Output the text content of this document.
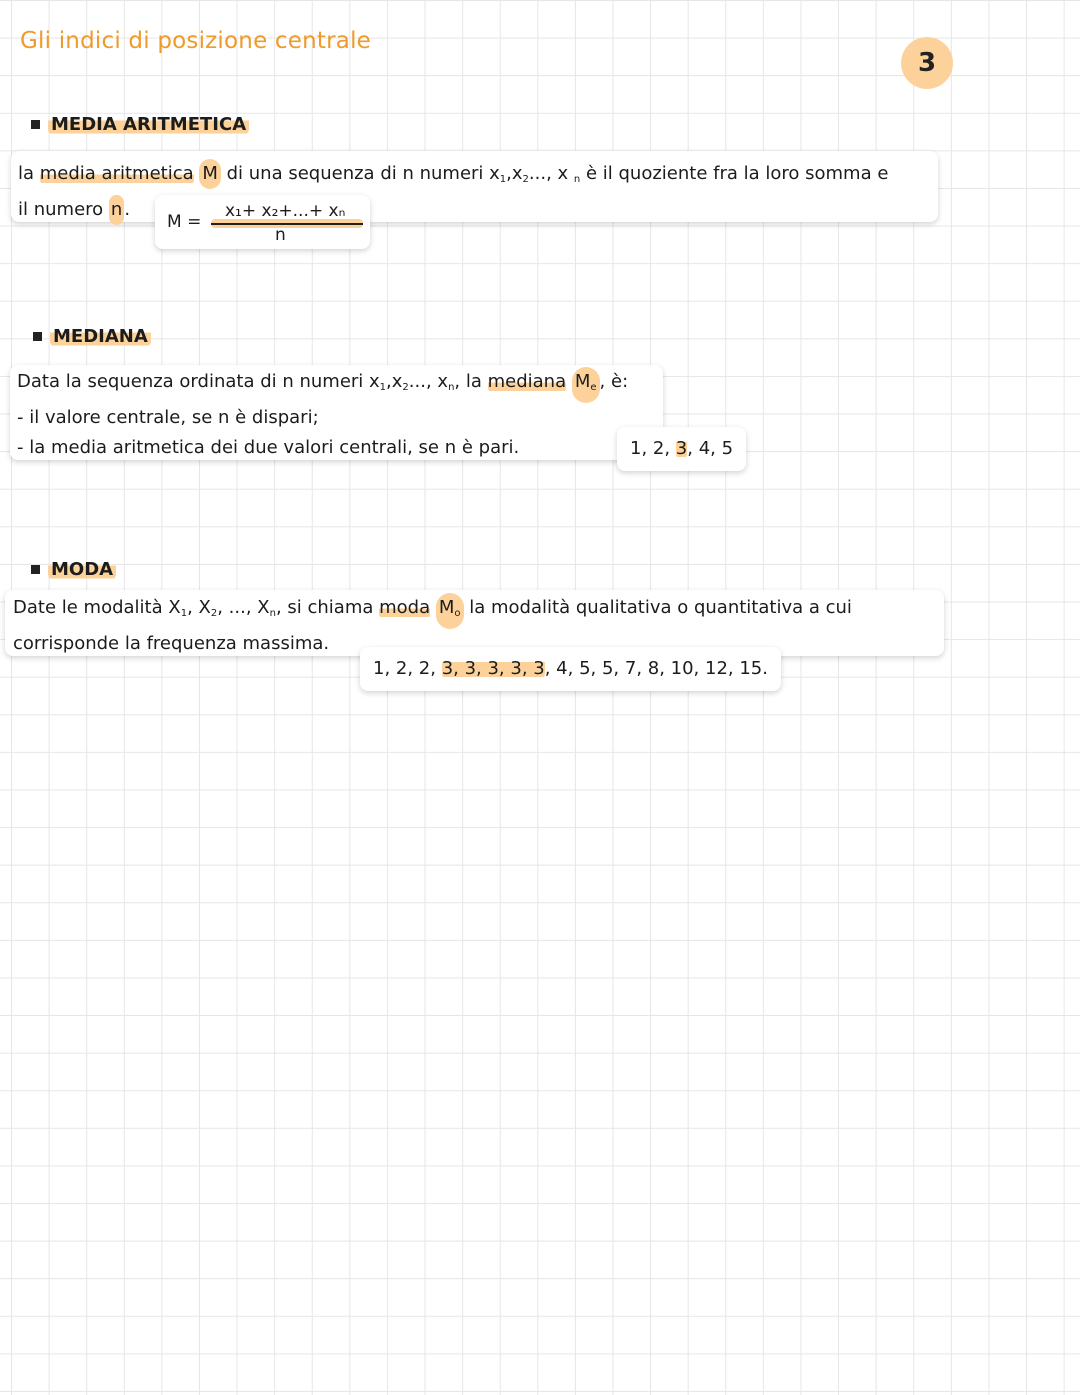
Gli indici di posizione centrale
3
MEDIA ARITMETICA
la media aritmetica M di una sequenza di n numeri $x_1,x_2$..., x $_n$ è il quoziente fra la loro somma e
il numero n .
M =
x₁+ x₂+...+ xₙ
n
MEDIANA
Data la sequenza ordinata di n numeri $x_1,x_2$..., $x_n$, la mediana $M_e$ , è:
- il valore centrale, se n è dispari;
- la media aritmetica dei due valori centrali, se n è pari.	1, 2, 3, 4, 5
MODA
Date le modalità $X_1$, $X_2$, ..., $X_n$, si chiama moda $M_o$ la modalità qualitativa o quantitativa a cui
corrisponde la frequenza massima.
1, 2, 2, 3, 3, 3, 3, 3, 4, 5, 5, 7, 8, 10, 12, 15.
